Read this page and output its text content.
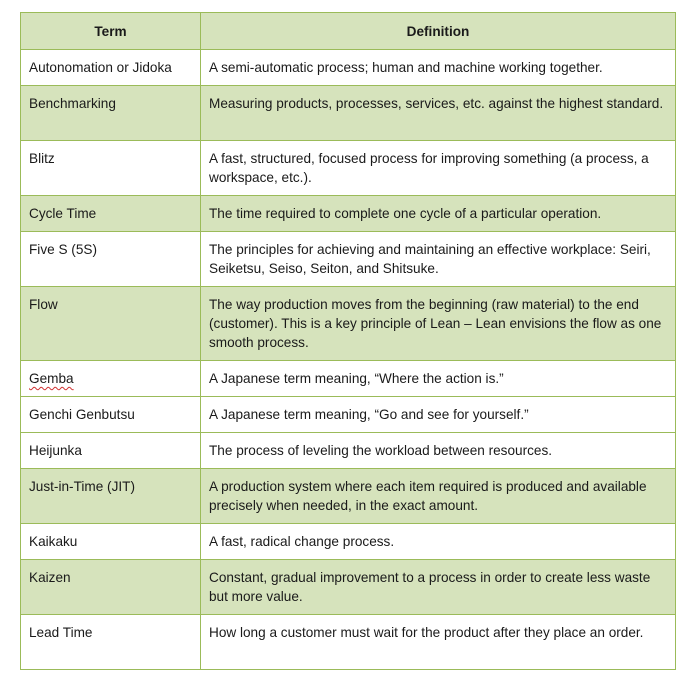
Term	Definition

Autonomation or Jidoka	A semi-automatic process; human and machine working together.

Benchmarking	Measuring products, processes, services, etc. against the highest standard.

Blitz	A fast, structured, focused process for improving something (a process, a workspace, etc.).

Cycle Time	The time required to complete one cycle of a particular operation.

Five S (5S)	The principles for achieving and maintaining an effective workplace: Seiri, Seiketsu, Seiso, Seiton, and Shitsuke.

Flow	The way production moves from the beginning (raw material) to the end (customer). This is a key principle of Lean – Lean envisions the flow as one smooth process.

Gemba	A Japanese term meaning, “Where the action is.”

Genchi Genbutsu	A Japanese term meaning, “Go and see for yourself.”

Heijunka	The process of leveling the workload between resources.

Just-in-Time (JIT)	A production system where each item required is produced and available precisely when needed, in the exact amount.

Kaikaku	A fast, radical change process.

Kaizen	Constant, gradual improvement to a process in order to create less waste but more value.

Lead Time	How long a customer must wait for the product after they place an order.
